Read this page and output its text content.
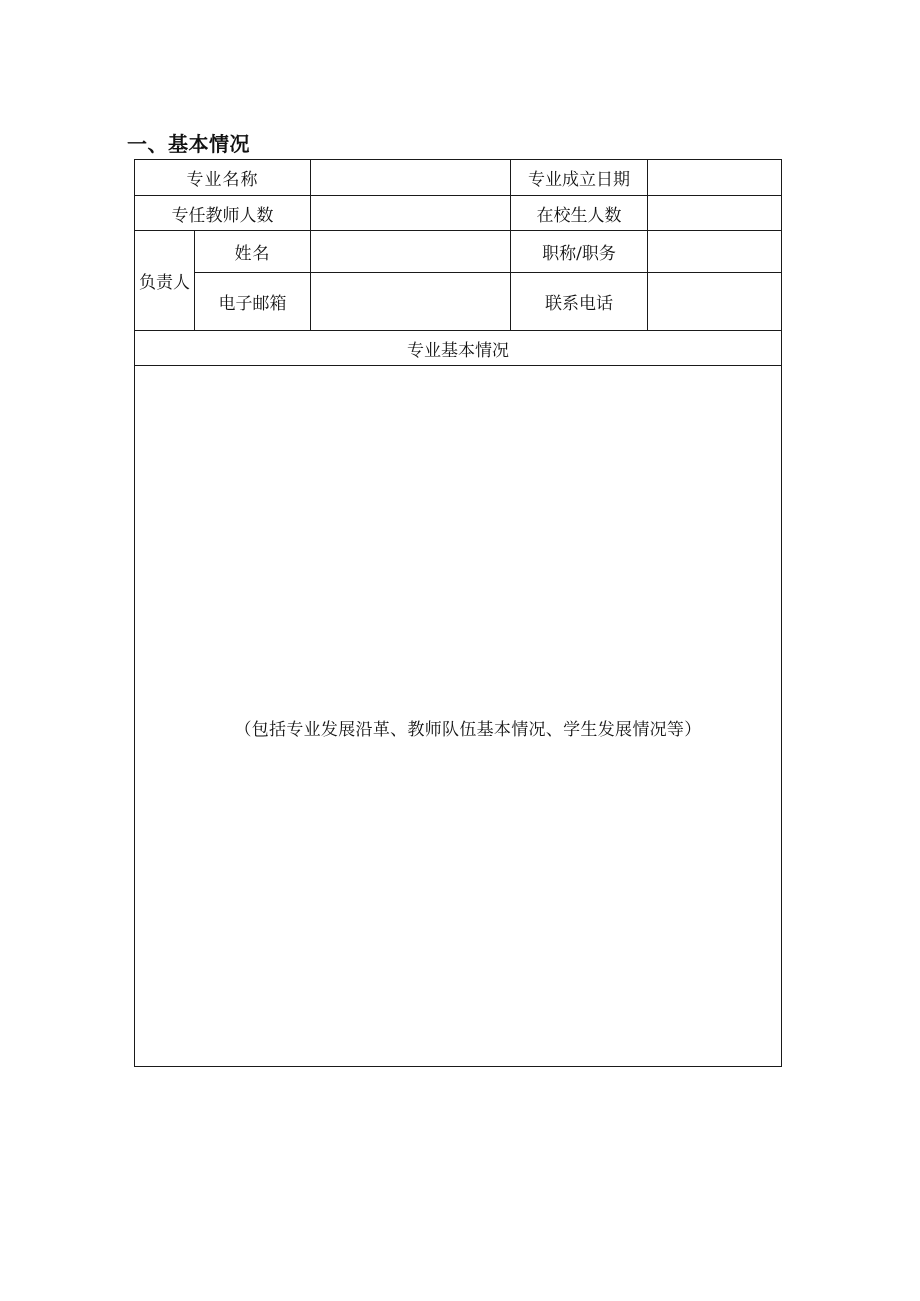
一、基本情况
专业名称			专业成立日期	
专任教师人数			在校生人数	
负责人	姓名		职称/职务	
	电子邮箱		联系电话	
专业基本情况				

（包括专业发展沿革、教师队伍基本情况、学生发展情况等）				
